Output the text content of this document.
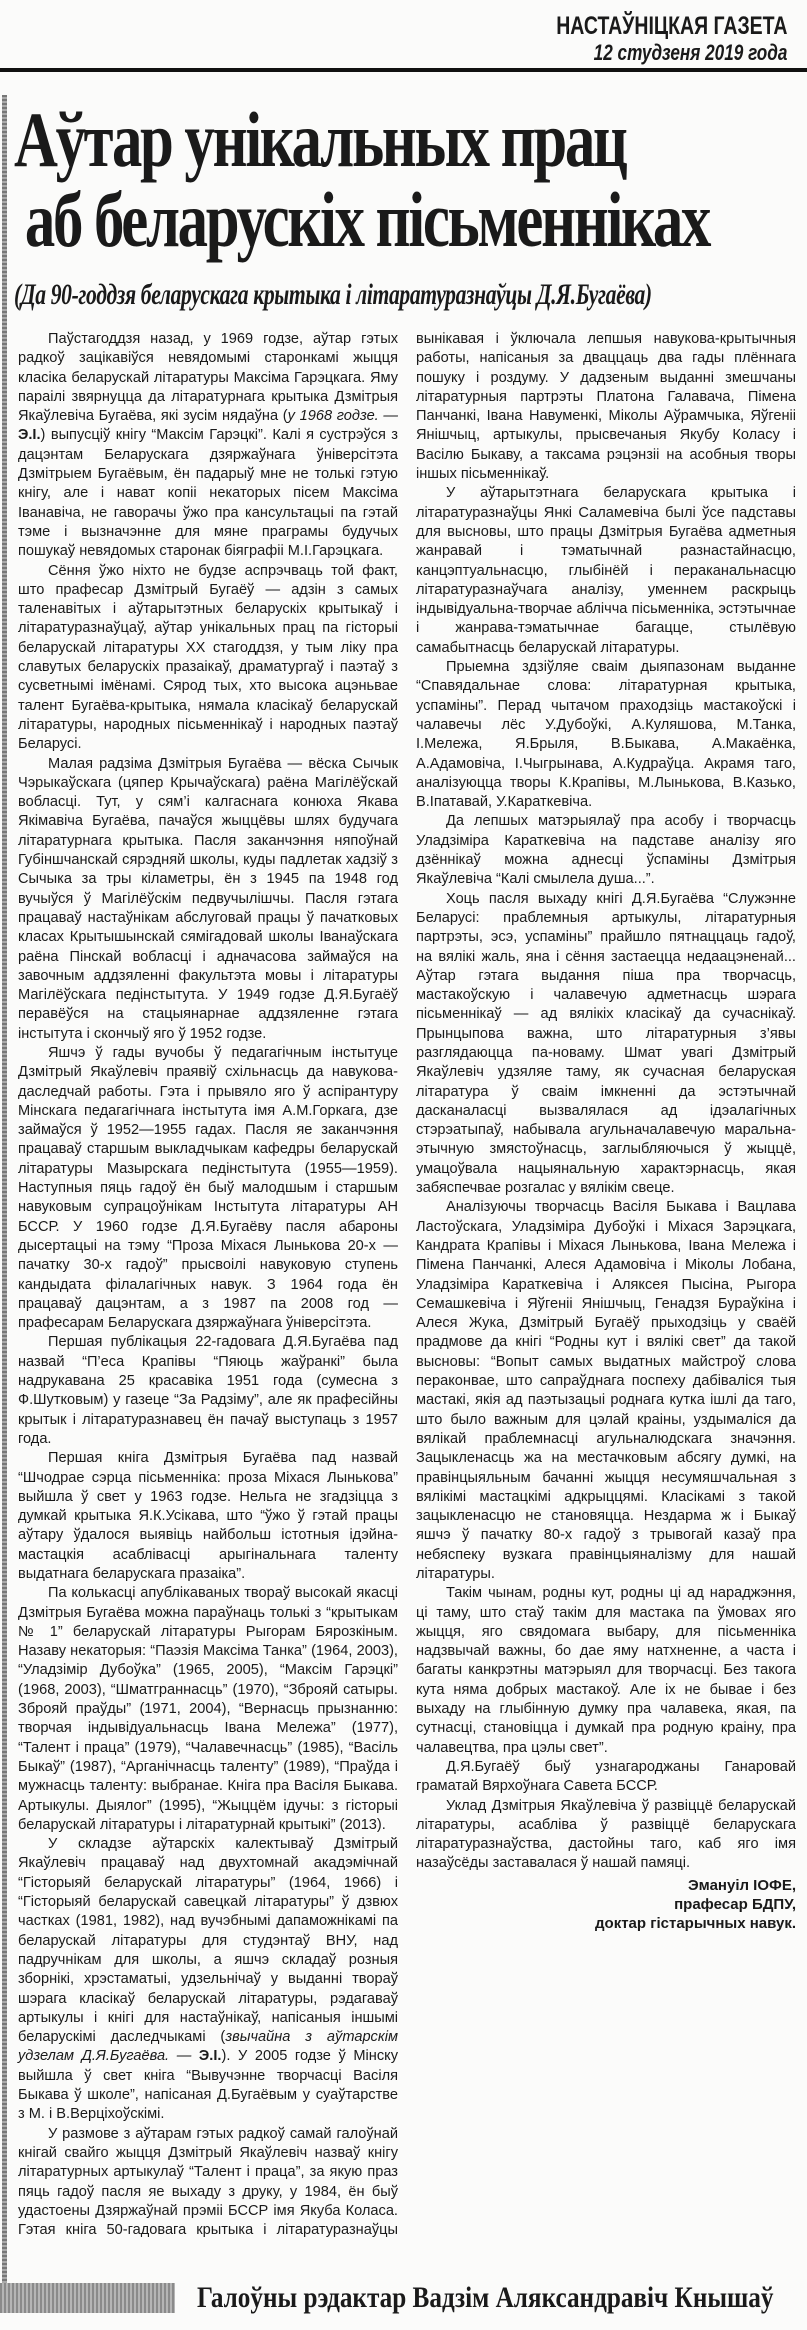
НАСТАЎНІЦКАЯ ГАЗЕТА
12 студзеня 2019 года
Аўтар унікальных прац
аб беларускіх пісьменніках
(Да 90-годдзя беларускага крытыка і літаратуразнаўцы Д.Я.Бугаёва)

Паўстагоддзя назад, у 1969 годзе, аўтар гэтых радкоў зацікавіўся невядомымі старонкамі жыцця класіка беларускай літаратуры Максіма Гарэцкага. Яму параілі звярнуцца да літаратурнага крытыка Дзмітрыя Якаўлевіча Бугаёва, які зусім нядаўна (у 1968 годзе. — Э.І.) выпусціў кнігу “Максім Гарэцкі”. Калі я сустрэўся з дацэнтам Беларускага дзяржаўнага ўніверсітэта Дзмітрыем Бугаёвым, ён падарыў мне не толькі гэтую кнігу, але і нават копіі некаторых пісем Максіма Іванавіча, не гаворачы ўжо пра кансультацыі па гэтай тэме і вызначэнне для мяне праграмы будучых пошукаў невядомых старонак біяграфіі М.І.Гарэцкага.

Сёння ўжо ніхто не будзе аспрэчваць той факт, што прафесар Дзмітрый Бугаёў — адзін з самых таленавітых і аўтарытэтных беларускіх крытыкаў і літаратуразнаўцаў, аўтар унікальных прац па гісторыі беларускай літаратуры XX стагоддзя, у тым ліку пра славутых беларускіх празаікаў, драматургаў і паэтаў з сусветнымі імёнамі. Сярод тых, хто высока ацэньвае талент Бугаёва-крытыка, нямала класікаў беларускай літаратуры, народных пісьменнікаў і народных паэтаў Беларусі.

Малая радзіма Дзмітрыя Бугаёва — вёска Сычык Чэрыкаўскага (цяпер Крычаўскага) раёна Магілёўскай вобласці. Тут, у сям’і калгаснага конюха Якава Якімавіча Бугаёва, пачаўся жыццёвы шлях будучага літаратурнага крытыка. Пасля заканчэння няпоўнай Губіншчанскай сярэдняй школы, куды падлетак хадзіў з Сычыка за тры кіламетры, ён з 1945 па 1948 год вучыўся ў Магілёўскім педвучылішчы. Пасля гэтага працаваў настаўнікам абслуговай працы ў пачатковых класах Крытышынскай сямігадовай школы Іванаўскага раёна Пінскай вобласці і адначасова займаўся на завочным аддзяленні факультэта мовы і літаратуры Магілёўскага педінстытута. У 1949 годзе Д.Я.Бугаёў перавёўся на стацыянарнае аддзяленне гэтага інстытута і скончыў яго ў 1952 годзе.

Яшчэ ў гады вучобы ў педагагічным інстытуце Дзмітрый Якаўлевіч праявіў схільнасць да навукова-даследчай работы. Гэта і прывяло яго ў аспірантуру Мінскага педагагічнага інстытута імя А.М.Горкага, дзе займаўся ў 1952—1955 гадах. Пасля яе заканчэння працаваў старшым выкладчыкам кафедры беларускай літаратуры Мазырскага педінстытута (1955—1959). Наступныя пяць гадоў ён быў малодшым і старшым навуковым супрацоўнікам Інстытута літаратуры АН БССР. У 1960 годзе Д.Я.Бугаёву пасля абароны дысертацыі на тэму “Проза Міхася Лынькова 20-х — пачатку 30-х гадоў” прысвоілі навуковую ступень кандыдата філалагічных навук. З 1964 года ён працаваў дацэнтам, а з 1987 па 2008 год — прафесарам Беларускага дзяржаўнага ўніверсітэта.

Першая публікацыя 22-гадовага Д.Я.Бугаёва пад назвай “П’еса Крапівы “Пяюць жаўранкі” была надрукавана 25 красавіка 1951 года (сумесна з Ф.Шутковым) у газеце “За Радзіму”, але як прафесійны крытык і літаратуразнавец ён пачаў выступаць з 1957 года.

Першая кніга Дзмітрыя Бугаёва пад назвай “Шчодрае сэрца пісьменніка: проза Міхася Лынькова” выйшла ў свет у 1963 годзе. Нельга не згадзіцца з думкай крытыка Я.К.Усікава, што “ўжо ў гэтай працы аўтару ўдалося выявіць найбольш істотныя ідэйна-мастацкія асаблівасці арыгінальнага таленту выдатнага беларускага празаіка”.

Па колькасці апублікаваных твораў высокай якасці Дзмітрыя Бугаёва можна параўнаць толькі з “крытыкам № 1” беларускай літаратуры Рыгорам Бярозкіным. Назаву некаторыя: “Паэзія Максіма Танка” (1964, 2003), “Уладзімір Дубоўка” (1965, 2005), “Максім Гарэцкі” (1968, 2003), “Шматграннасць” (1970), “Зброяй сатыры. Зброяй праўды” (1971, 2004), “Вернасць прызнанню: творчая індывідуальнасць Івана Мележа” (1977), “Талент і праца” (1979), “Чалавечнасць” (1985), “Васіль Быкаў” (1987), “Арганічнасць таленту” (1989), “Праўда і мужнасць таленту: выбранае. Кніга пра Васіля Быкава. Артыкулы. Дыялог” (1995), “Жыццём ідучы: з гісторыі беларускай літаратуры і літаратурнай крытыкі” (2013).

У складзе аўтарскіх калектываў Дзмітрый Якаўлевіч працаваў над двухтомнай акадэмічнай “Гісторыяй беларускай літаратуры” (1964, 1966) і “Гісторыяй беларускай савецкай літаратуры” ў дзвюх частках (1981, 1982), над вучэбнымі дапаможнікамі па беларускай літаратуры для студэнтаў ВНУ, над падручнікам для школы, а яшчэ складаў розныя зборнікі, хрэстаматыі, удзельнічаў у выданні твораў шэрага класікаў беларускай літаратуры, рэдагаваў артыкулы і кнігі для настаўнікаў, напісаныя іншымі беларускімі даследчыкамі (звычайна з аўтарскім удзелам Д.Я.Бугаёва. — Э.І.). У 2005 годзе ў Мінску выйшла ў свет кніга “Вывучэнне творчасці Васіля Быкава ў школе”, напісаная Д.Бугаёвым у суаўтарстве з М. і В.Верціхоўскімі.

У размове з аўтарам гэтых радкоў самай галоўнай кнігай свайго жыцця Дзмітрый Якаўлевіч назваў кнігу літаратурных артыкулаў “Талент і праца”, за якую праз пяць гадоў пасля яе выхаду з друку, у 1984, ён быў удастоены Дзяржаўнай прэміі БССР імя Якуба Коласа. Гэтая кніга 50-гадовага крытыка і літаратуразнаўцы вынікавая і ўключала лепшыя навукова-крытычныя работы, напісаныя за дваццаць два гады плённага пошуку і роздуму. У дадзеным выданні змешчаны літаратурныя партрэты Платона Галавача, Пімена Панчанкі, Івана Навуменкі, Міколы Аўрамчыка, Яўгеніі Янішчыц, артыкулы, прысвечаныя Якубу Коласу і Васілю Быкаву, а таксама рэцэнзіі на асобныя творы іншых пісьменнікаў.

У аўтарытэтнага беларускага крытыка і літаратуразнаўцы Янкі Саламевіча былі ўсе падставы для высновы, што працы Дзмітрыя Бугаёва адметныя жанравай і тэматычнай разнастайнасцю, канцэптуальнасцю, глыбінёй і пераканальнасцю літаратуразнаўчага аналізу, уменнем раскрыць індывідуальна-творчае аблічча пісьменніка, эстэтычнае і жанрава-тэматычнае багацце, стылёвую самабытнасць беларускай літаратуры.

Прыемна здзіўляе сваім дыяпазонам выданне “Спавядальнае слова: літаратурная крытыка, успаміны”. Перад чытачом праходзіць мастакоўскі і чалавечы лёс У.Дубоўкі, А.Куляшова, М.Танка, І.Мележа, Я.Брыля, В.Быкава, А.Макаёнка, А.Адамовіча, І.Чыгрынава, А.Кудраўца. Акрамя таго, аналізуюцца творы К.Крапівы, М.Лынькова, В.Казько, В.Іпатавай, У.Караткевіча.

Да лепшых матэрыялаў пра асобу і творчасць Уладзіміра Караткевіча на падставе аналізу яго дзённікаў можна аднесці ўспаміны Дзмітрыя Якаўлевіча “Калі смылела душа...”.

Хоць пасля выхаду кнігі Д.Я.Бугаёва “Служэнне Беларусі: праблемныя артыкулы, літаратурныя партрэты, эсэ, успаміны” прайшло пятнаццаць гадоў, на вялікі жаль, яна і сёння застаецца недаацэненай... Аўтар гэтага выдання піша пра творчасць, мастакоўскую і чалавечую адметнасць шэрага пісьменнікаў — ад вялікіх класікаў да сучаснікаў. Прынцыпова важна, што літаратурныя з’явы разглядаюцца па-новаму. Шмат увагі Дзмітрый Якаўлевіч удзяляе таму, як сучасная беларуская літаратура ў сваім імкненні да эстэтычнай дасканаласці вызвалялася ад ідэалагічных стэрэатыпаў, набывала агульначалавечую маральна-этычную змястоўнасць, заглыбляючыся ў жыццё, умацоўвала нацыянальную характэрнасць, якая забяспечвае розгалас у вялікім свеце.

Аналізуючы творчасць Васіля Быкава і Вацлава Ластоўскага, Уладзіміра Дубоўкі і Міхася Зарэцкага, Кандрата Крапівы і Міхася Лынькова, Івана Мележа і Пімена Панчанкі, Алеся Адамовіча і Міколы Лобана, Уладзіміра Караткевіча і Аляксея Пысіна, Рыгора Семашкевіча і Яўгеніі Янішчыц, Генадзя Бураўкіна і Алеся Жука, Дзмітрый Бугаёў прыходзіць у сваёй прадмове да кнігі “Родны кут і вялікі свет” да такой высновы: “Вопыт самых выдатных майстроў слова пераконвае, што сапраўднага поспеху дабіваліся тыя мастакі, якія ад паэтызацыі роднага кутка ішлі да таго, што было важным для цэлай краіны, уздымаліся да вялікай праблемнасці агульналюдскага значэння. Зацыкленасць жа на местачковым абсягу думкі, на правінцыяльным бачанні жыцця несумяшчальная з вялікімі мастацкімі адкрыццямі. Класікамі з такой зацыкленасцю не становяцца. Нездарма ж і Быкаў яшчэ ў пачатку 80-х гадоў з трывогай казаў пра небяспеку вузкага правінцыяналізму для нашай літаратуры.

Такім чынам, родны кут, родны ці ад нараджэння, ці таму, што стаў такім для мастака па ўмовах яго жыцця, яго свядомага выбару, для пісьменніка надзвычай важны, бо дае яму натхненне, а часта і багаты канкрэтны матэрыял для творчасці. Без такога кута няма добрых мастакоў. Але іх не бывае і без выхаду на глыбінную думку пра чалавека, якая, па сутнасці, становіцца і думкай пра родную краіну, пра чалавецтва, пра цэлы свет”.

Д.Я.Бугаёў быў узнагароджаны Ганаровай граматай Вярхоўнага Савета БССР.

Уклад Дзмітрыя Якаўлевіча ў развіццё беларускай літаратуры, асабліва ў развіццё беларускага літаратуразнаўства, дастойны таго, каб яго імя назаўсёды заставалася ў нашай памяці.

Эмануіл ІОФЕ,
прафесар БДПУ,
доктар гістарычных навук.
Галоўны рэдактар Вадзім Аляксандравіч Кнышаў
